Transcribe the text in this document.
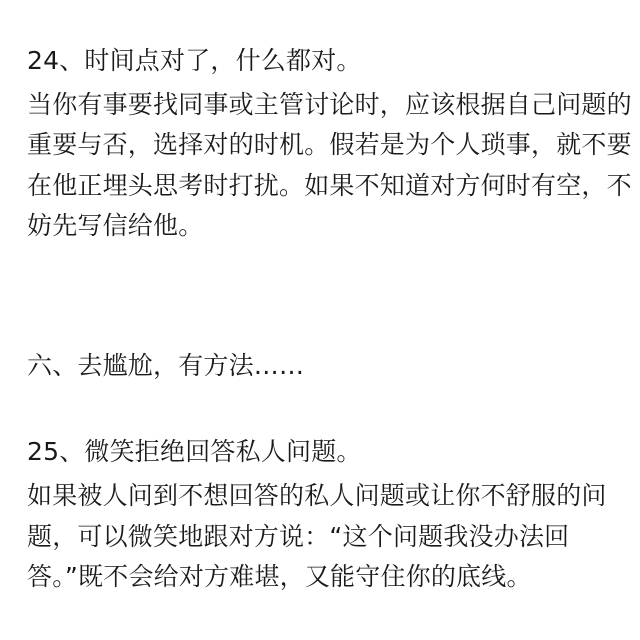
24、时间点对了，什么都对。
当你有事要找同事或主管讨论时，应该根据自己问题的
重要与否，选择对的时机。假若是为个人琐事，就不要
在他正埋头思考时打扰。如果不知道对方何时有空，不
妨先写信给他。
六、去尴尬，有方法……
25、微笑拒绝回答私人问题。
如果被人问到不想回答的私人问题或让你不舒服的问
题，可以微笑地跟对方说：“这个问题我没办法回
答。”既不会给对方难堪，又能守住你的底线。
